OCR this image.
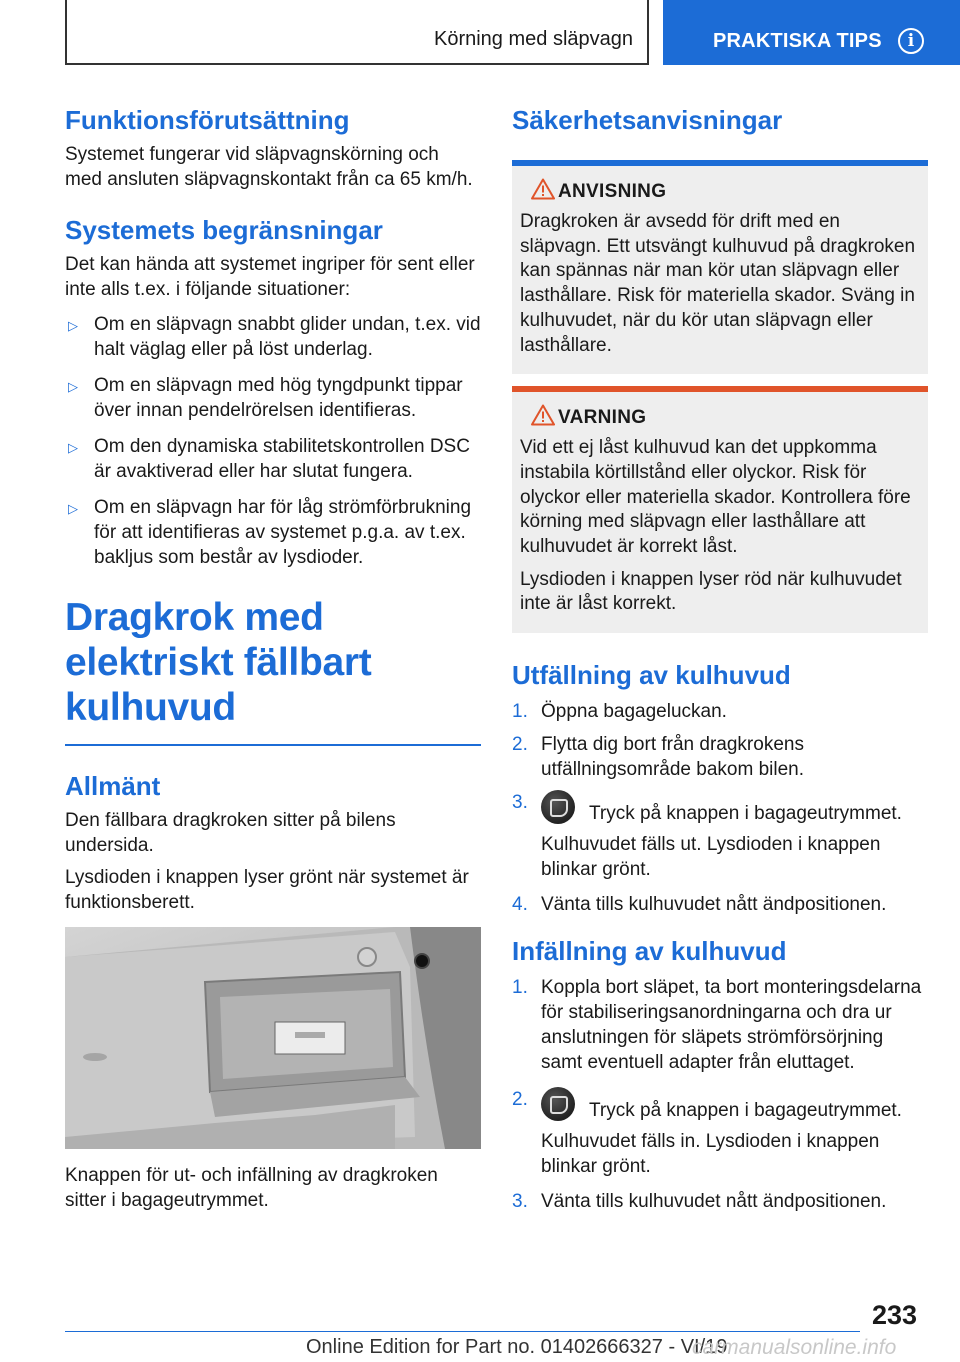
Körning med släpvagn	PRAKTISKA TIPS	i
Funktionsförutsättning

Systemet fungerar vid släpvagnskörning och med ansluten släpvagnskontakt från ca 65 km/h.

Systemets begränsningar

Det kan hända att systemet ingriper för sent eller inte alls t.ex. i följande situationer:

▷ Om en släpvagn snabbt glider undan, t.ex. vid halt väglag eller på löst underlag.
▷ Om en släpvagn med hög tyngdpunkt tippar över innan pendelrörelsen identifieras.
▷ Om den dynamiska stabilitetskontrollen DSC är avaktiverad eller har slutat fungera.
▷ Om en släpvagn har för låg strömförbrukning för att identifieras av systemet p.g.a. av t.ex. bakljus som består av lysdioder.
Dragkrok med elektriskt fällbart kulhuvud
Allmänt

Den fällbara dragkroken sitter på bilens undersida.

Lysdioden i knappen lyser grönt när systemet är funktionsberett.

Knappen för ut- och infällning av dragkroken sitter i bagageutrymmet.

Säkerhetsanvisningar
ANVISNING

Dragkroken är avsedd för drift med en släpvagn. Ett utsvängt kulhuvud på dragkroken kan spännas när man kör utan släpvagn eller lasthållare. Risk för materiella skador. Sväng in kulhuvudet, när du kör utan släpvagn eller lasthållare.

VARNING

Vid ett ej låst kulhuvud kan det uppkomma instabila körtillstånd eller olyckor. Risk för olyckor eller materiella skador. Kontrollera före körning med släpvagn eller lasthållare att kulhuvudet är korrekt låst.

Lysdioden i knappen lyser röd när kulhuvudet inte är låst korrekt.

Utfällning av kulhuvud
1. Öppna bagageluckan.
2. Flytta dig bort från dragkrokens utfällningsområde bakom bilen.
3.
Tryck på knappen i bagageutrymmet.
Kulhuvudet fälls ut. Lysdioden i knappen blinkar grönt.
4. Vänta tills kulhuvudet nått ändpositionen.
Infällning av kulhuvud
1. Koppla bort släpet, ta bort monteringsdelarna för stabiliseringsanordningarna och dra ur anslutningen för släpets strömförsörjning samt eventuell adapter från eluttaget.
2.
Tryck på knappen i bagageutrymmet.
Kulhuvudet fälls in. Lysdioden i knappen blinkar grönt.
3. Vänta tills kulhuvudet nått ändpositionen.
233
Online Edition for Part no. 01402666327 - VI/19
carmanualsonline.info
